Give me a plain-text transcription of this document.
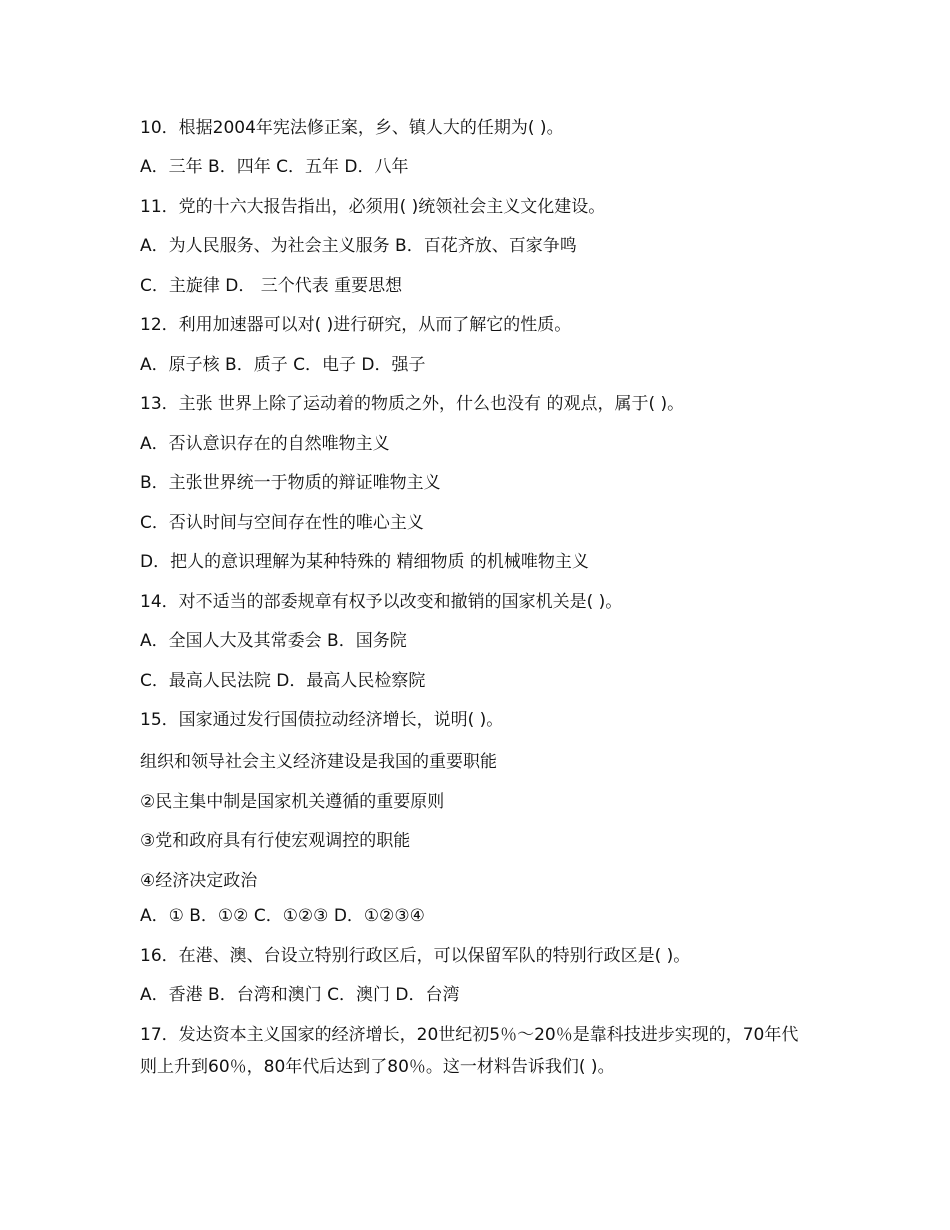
10．根据2004年宪法修正案，乡、镇人大的任期为( )。
A．三年 B．四年 C．五年 D．八年
11．党的十六大报告指出，必须用( )统领社会主义文化建设。
A．为人民服务、为社会主义服务 B．百花齐放、百家争鸣
C．主旋律 D． 三个代表 重要思想
12．利用加速器可以对( )进行研究，从而了解它的性质。
A．原子核 B．质子 C．电子 D．强子
13．主张 世界上除了运动着的物质之外，什么也没有 的观点，属于( )。
A．否认意识存在的自然唯物主义
B．主张世界统一于物质的辩证唯物主义
C．否认时间与空间存在性的唯心主义
D．把人的意识理解为某种特殊的 精细物质 的机械唯物主义
14．对不适当的部委规章有权予以改变和撤销的国家机关是( )。
A．全国人大及其常委会 B．国务院
C．最高人民法院 D．最高人民检察院
15．国家通过发行国债拉动经济增长，说明( )。
组织和领导社会主义经济建设是我国的重要职能
②民主集中制是国家机关遵循的重要原则
③党和政府具有行使宏观调控的职能
④经济决定政治
A．① B．①② C．①②③ D．①②③④
16．在港、澳、台设立特别行政区后，可以保留军队的特别行政区是( )。
A．香港 B．台湾和澳门 C．澳门 D．台湾
17．发达资本主义国家的经济增长，20世纪初5％～20％是靠科技进步实现的，70年代则上升到60％，80年代后达到了80％。这一材料告诉我们( )。
